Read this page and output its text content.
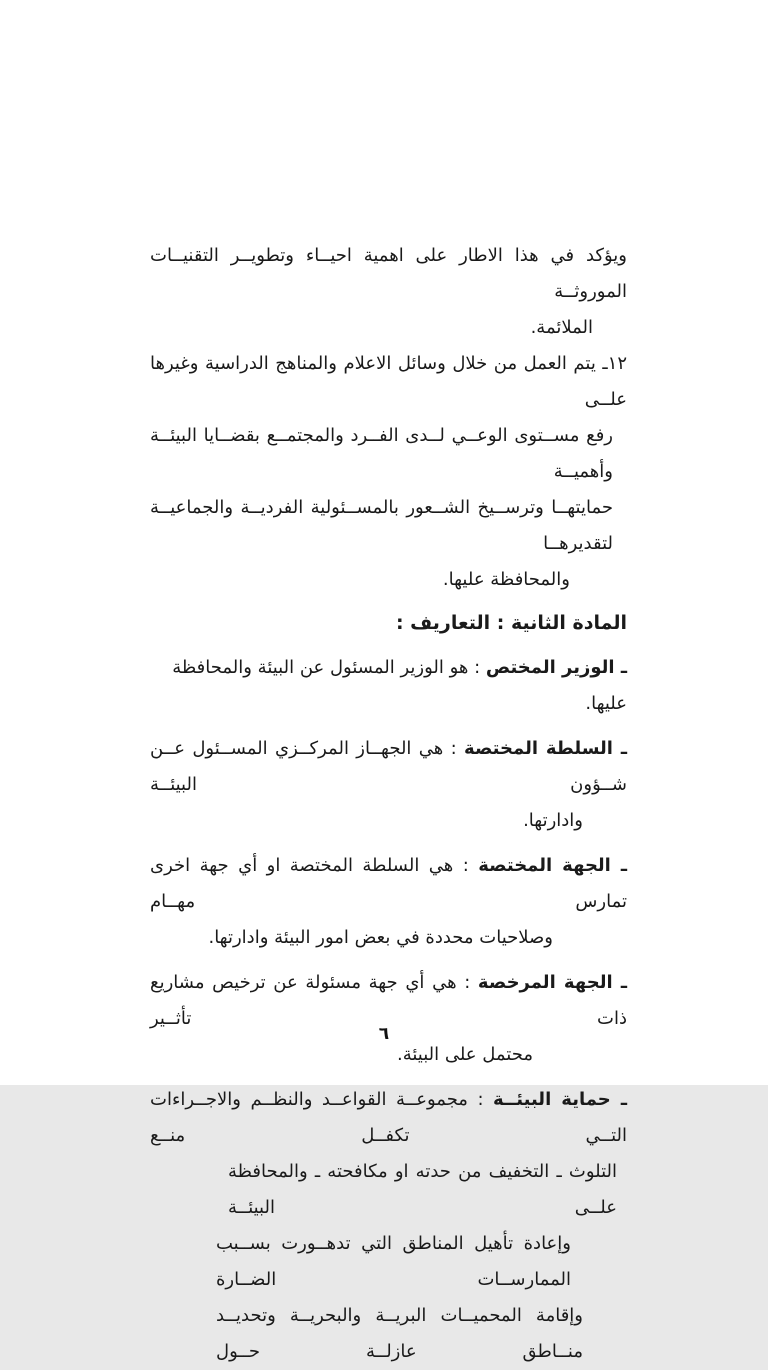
ويؤكد في هذا الاطار على اهمية احيــاء وتطويــر التقنيــات الموروثــة
الملائمة.
١٢ـ يتم العمل من خلال وسائل الاعلام والمناهج الدراسية وغيرها علــى
رفع مســتوى الوعــي لــدى الفــرد والمجتمــع بقضــايا البيئــة وأهميــة
حمايتهــا وترســيخ الشــعور بالمســئولية الفرديــة والجماعيــة لتقديرهــا
والمحافظة عليها.
المادة الثانية : التعاريف :
ـ الوزير المختص : هو الوزير المسئول عن البيئة والمحافظة عليها.
ـ السلطة المختصة : هي الجهــاز المركــزي المســئول عــن شــؤون البيئــة
وادارتها.
ـ الجهة المختصة : هي السلطة المختصة او أي جهة اخرى تمارس مهــام
وصلاحيات محددة في بعض امور البيئة وادارتها.
ـ الجهة المرخصة : هي أي جهة مسئولة عن ترخيص مشاريع ذات تأثــير
محتمل على البيئة.
ـ حماية البيئــة : مجموعــة القواعــد والنظــم والاجــراءات التــي تكفــل منــع
التلوث ـ التخفيف من حدته او مكافحته ـ والمحافظة علــى البيئــة
وإعادة تأهيل المناطق التي تدهــورت بســبب الممارســات الضــارة
وإقامة المحميــات البريــة والبحريــة وتحديــد منــاطق عازلــة حــول
٦
